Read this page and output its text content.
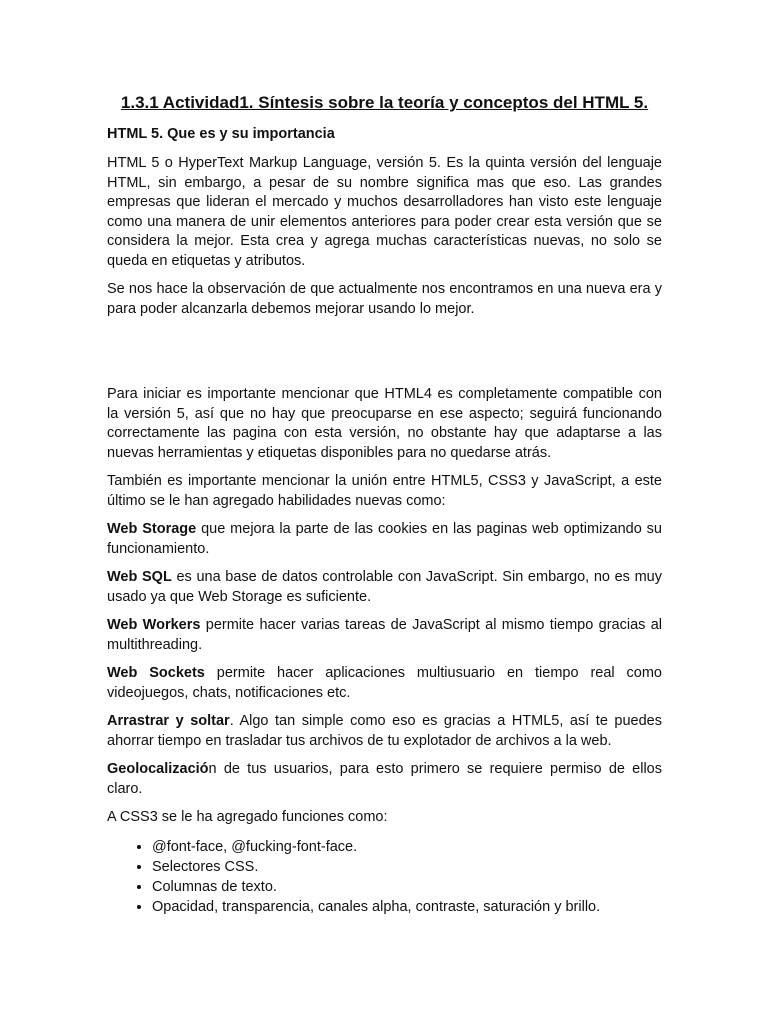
1.3.1 Actividad1. Síntesis sobre la teoría y conceptos del HTML 5.
HTML 5. Que es y su importancia

HTML 5 o HyperText Markup Language, versión 5. Es la quinta versión del lenguaje HTML, sin embargo, a pesar de su nombre significa mas que eso. Las grandes empresas que lideran el mercado y muchos desarrolladores han visto este lenguaje como una manera de unir elementos anteriores para poder crear esta versión que se considera la mejor. Esta crea y agrega muchas características nuevas, no solo se queda en etiquetas y atributos.

Se nos hace la observación de que actualmente nos encontramos en una nueva era y para poder alcanzarla debemos mejorar usando lo mejor.

Para iniciar es importante mencionar que HTML4 es completamente compatible con la versión 5, así que no hay que preocuparse en ese aspecto; seguirá funcionando correctamente las pagina con esta versión, no obstante hay que adaptarse a las nuevas herramientas y etiquetas disponibles para no quedarse atrás.

También es importante mencionar la unión entre HTML5, CSS3 y JavaScript, a este último se le han agregado habilidades nuevas como:

Web Storage que mejora la parte de las cookies en las paginas web optimizando su funcionamiento.

Web SQL es una base de datos controlable con JavaScript. Sin embargo, no es muy usado ya que Web Storage es suficiente.

Web Workers permite hacer varias tareas de JavaScript al mismo tiempo gracias al multithreading.

Web Sockets permite hacer aplicaciones multiusuario en tiempo real como videojuegos, chats, notificaciones etc.

Arrastrar y soltar. Algo tan simple como eso es gracias a HTML5, así te puedes ahorrar tiempo en trasladar tus archivos de tu explotador de archivos a la web.

Geolocalización de tus usuarios, para esto primero se requiere permiso de ellos claro.

A CSS3 se le ha agregado funciones como:

• @font-face, @fucking-font-face.
• Selectores CSS.
• Columnas de texto.
• Opacidad, transparencia, canales alpha, contraste, saturación y brillo.
